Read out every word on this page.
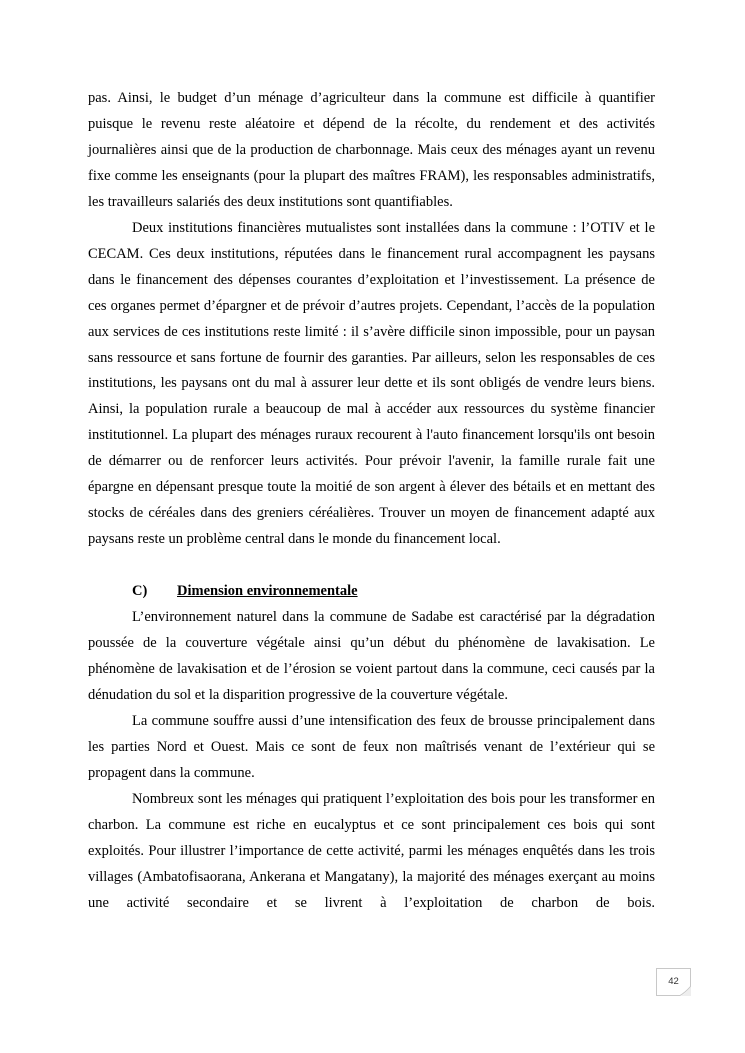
pas. Ainsi, le budget d’un ménage d’agriculteur dans la commune est difficile à quantifier puisque le revenu reste aléatoire et dépend de la récolte, du rendement et des activités journalières ainsi que de la production de charbonnage. Mais ceux des ménages ayant un revenu fixe comme les enseignants (pour la plupart des maîtres FRAM), les responsables administratifs, les travailleurs salariés des deux institutions sont quantifiables.

Deux institutions financières mutualistes sont installées dans la commune : l’OTIV et le CECAM. Ces deux institutions, réputées dans le financement rural accompagnent les paysans dans le financement des dépenses courantes d’exploitation et l’investissement. La présence de ces organes permet d’épargner et de prévoir d’autres projets. Cependant, l’accès de la population aux services de ces institutions reste limité : il s’avère difficile sinon impossible, pour un paysan sans ressource et sans fortune de fournir des garanties. Par ailleurs, selon les responsables de ces institutions, les paysans ont du mal à assurer leur dette et ils sont obligés de vendre leurs biens. Ainsi, la population rurale a beaucoup de mal à accéder aux ressources du système financier institutionnel. La plupart des ménages ruraux recourent à l'auto financement lorsqu'ils ont besoin de démarrer ou de renforcer leurs activités. Pour prévoir l'avenir, la famille rurale fait une épargne en dépensant presque toute la moitié de son argent à élever des bétails et en mettant des stocks de céréales dans des greniers céréalières. Trouver un moyen de financement adapté aux paysans reste un problème central dans le monde du financement local.

C) Dimension environnementale

L’environnement naturel dans la commune de Sadabe est caractérisé par la dégradation poussée de la couverture végétale ainsi qu’un début du phénomène de lavakisation. Le phénomène de lavakisation et de l’érosion se voient partout dans la commune, ceci causés par la dénudation du sol et la disparition progressive de la couverture végétale.

La commune souffre aussi d’une intensification des feux de brousse principalement dans les parties Nord et Ouest. Mais ce sont de feux non maîtrisés venant de l’extérieur qui se propagent dans la commune.

Nombreux sont les ménages qui pratiquent l’exploitation des bois pour les transformer en charbon. La commune est riche en eucalyptus et ce sont principalement ces bois qui sont exploités. Pour illustrer l’importance de cette activité, parmi les ménages enquêtés dans les trois villages (Ambatofisaorana, Ankerana et Mangatany), la majorité des ménages exerçant au moins une activité secondaire et se livrent à l’exploitation de charbon de bois.

42
